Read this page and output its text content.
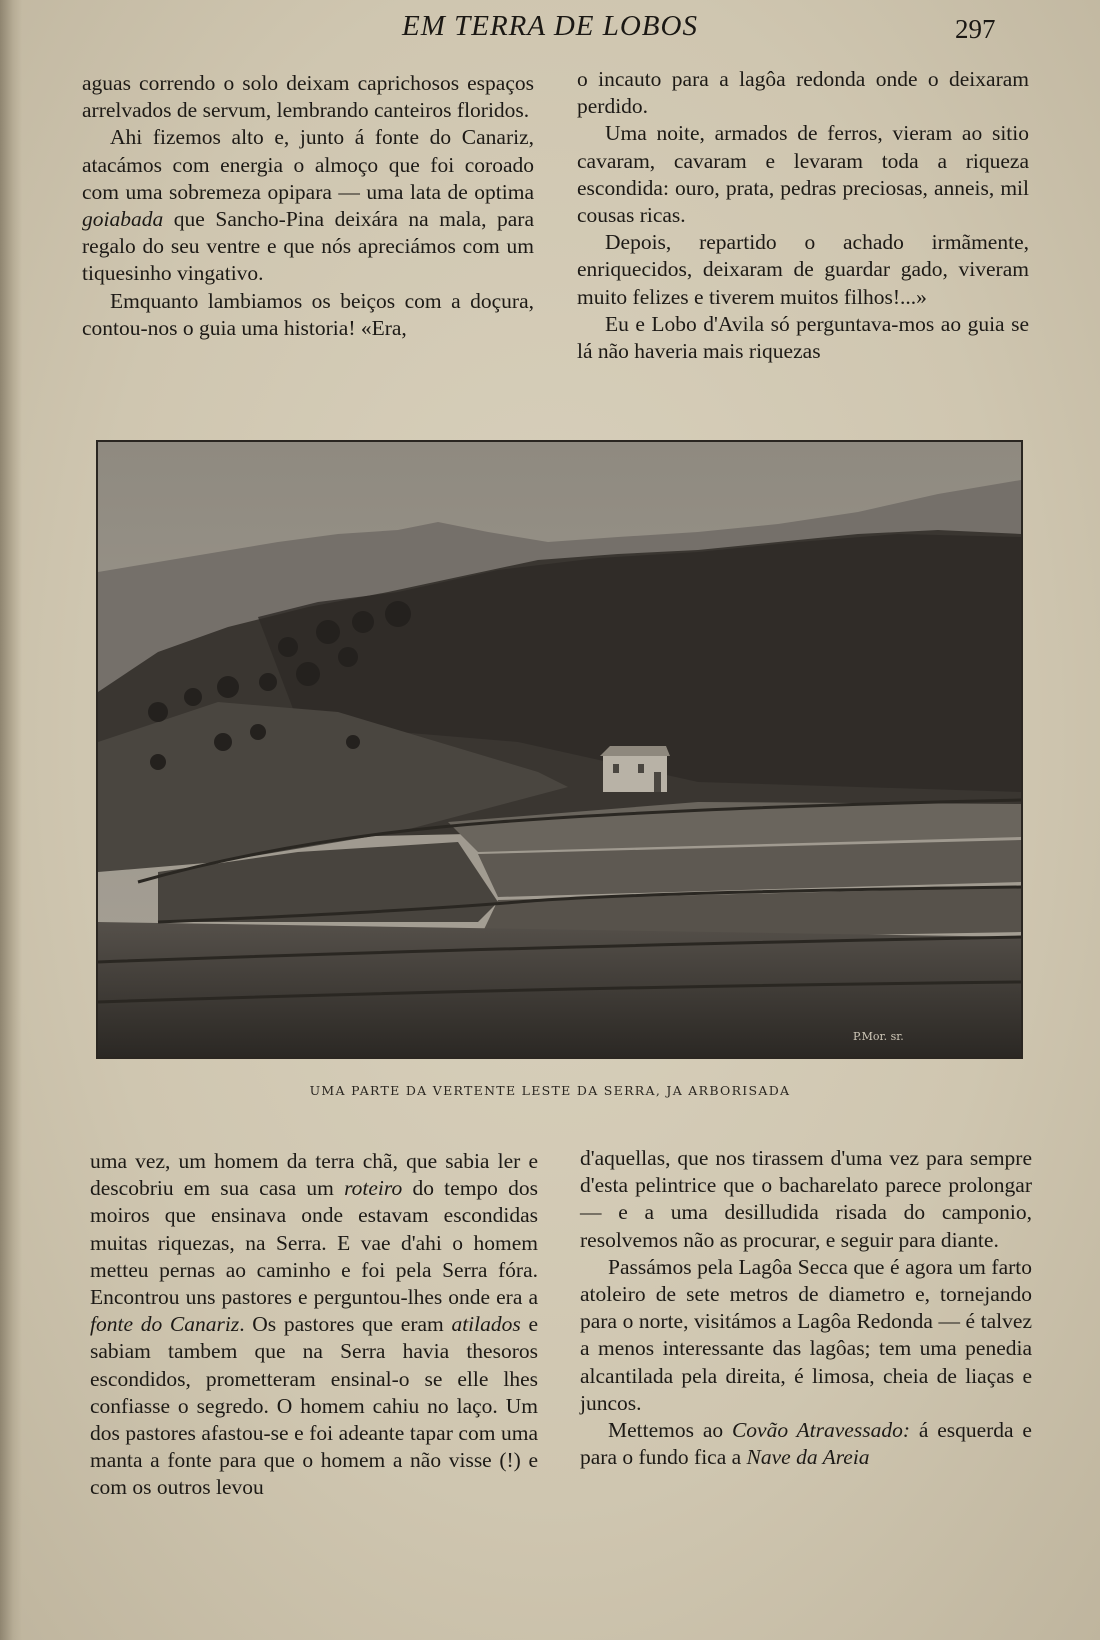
EM TERRA DE LOBOS	297

aguas correndo o solo deixam caprichosos espaços arrelvados de servum, lembrando canteiros floridos.

Ahi fizemos alto e, junto á fonte do Canariz, atacámos com energia o almoço que foi coroado com uma sobremeza opipara — uma lata de optima goiabada que Sancho-Pina deixára na mala, para regalo do seu ventre e que nós apreciámos com um tiquesinho vingativo.

Emquanto lambiamos os beiços com a doçura, contou-nos o guia uma historia! «Era,

o incauto para a lagôa redonda onde o deixaram perdido.

Uma noite, armados de ferros, vieram ao sitio cavaram, cavaram e levaram toda a riqueza escondida: ouro, prata, pedras preciosas, anneis, mil cousas ricas.

Depois, repartido o achado irmãmente, enriquecidos, deixaram de guardar gado, viveram muito felizes e tiverem muitos filhos!...»

Eu e Lobo d'Avila só perguntava-mos ao guia se lá não haveria mais riquezas

P.Mor. sr.
UMA PARTE DA VERTENTE LESTE DA SERRA, JA ARBORISADA

uma vez, um homem da terra chã, que sabia ler e descobriu em sua casa um roteiro do tempo dos moiros que ensinava onde estavam escondidas muitas riquezas, na Serra. E vae d'ahi o homem metteu pernas ao caminho e foi pela Serra fóra. Encontrou uns pastores e perguntou-lhes onde era a fonte do Canariz. Os pastores que eram atilados e sabiam tambem que na Serra havia thesoros escondidos, prometteram ensinal-o se elle lhes confiasse o segredo. O homem cahiu no laço. Um dos pastores afastou-se e foi adeante tapar com uma manta a fonte para que o homem a não visse (!) e com os outros levou

d'aquellas, que nos tirassem d'uma vez para sempre d'esta pelintrice que o bacharelato parece prolongar — e a uma desilludida risada do camponio, resolvemos não as procurar, e seguir para diante.

Passámos pela Lagôa Secca que é agora um farto atoleiro de sete metros de diametro e, tornejando para o norte, visitámos a Lagôa Redonda — é talvez a menos interessante das lagôas; tem uma penedia alcantilada pela direita, é limosa, cheia de liaças e juncos.

Mettemos ao Covão Atravessado: á esquerda e para o fundo fica a Nave da Areia
